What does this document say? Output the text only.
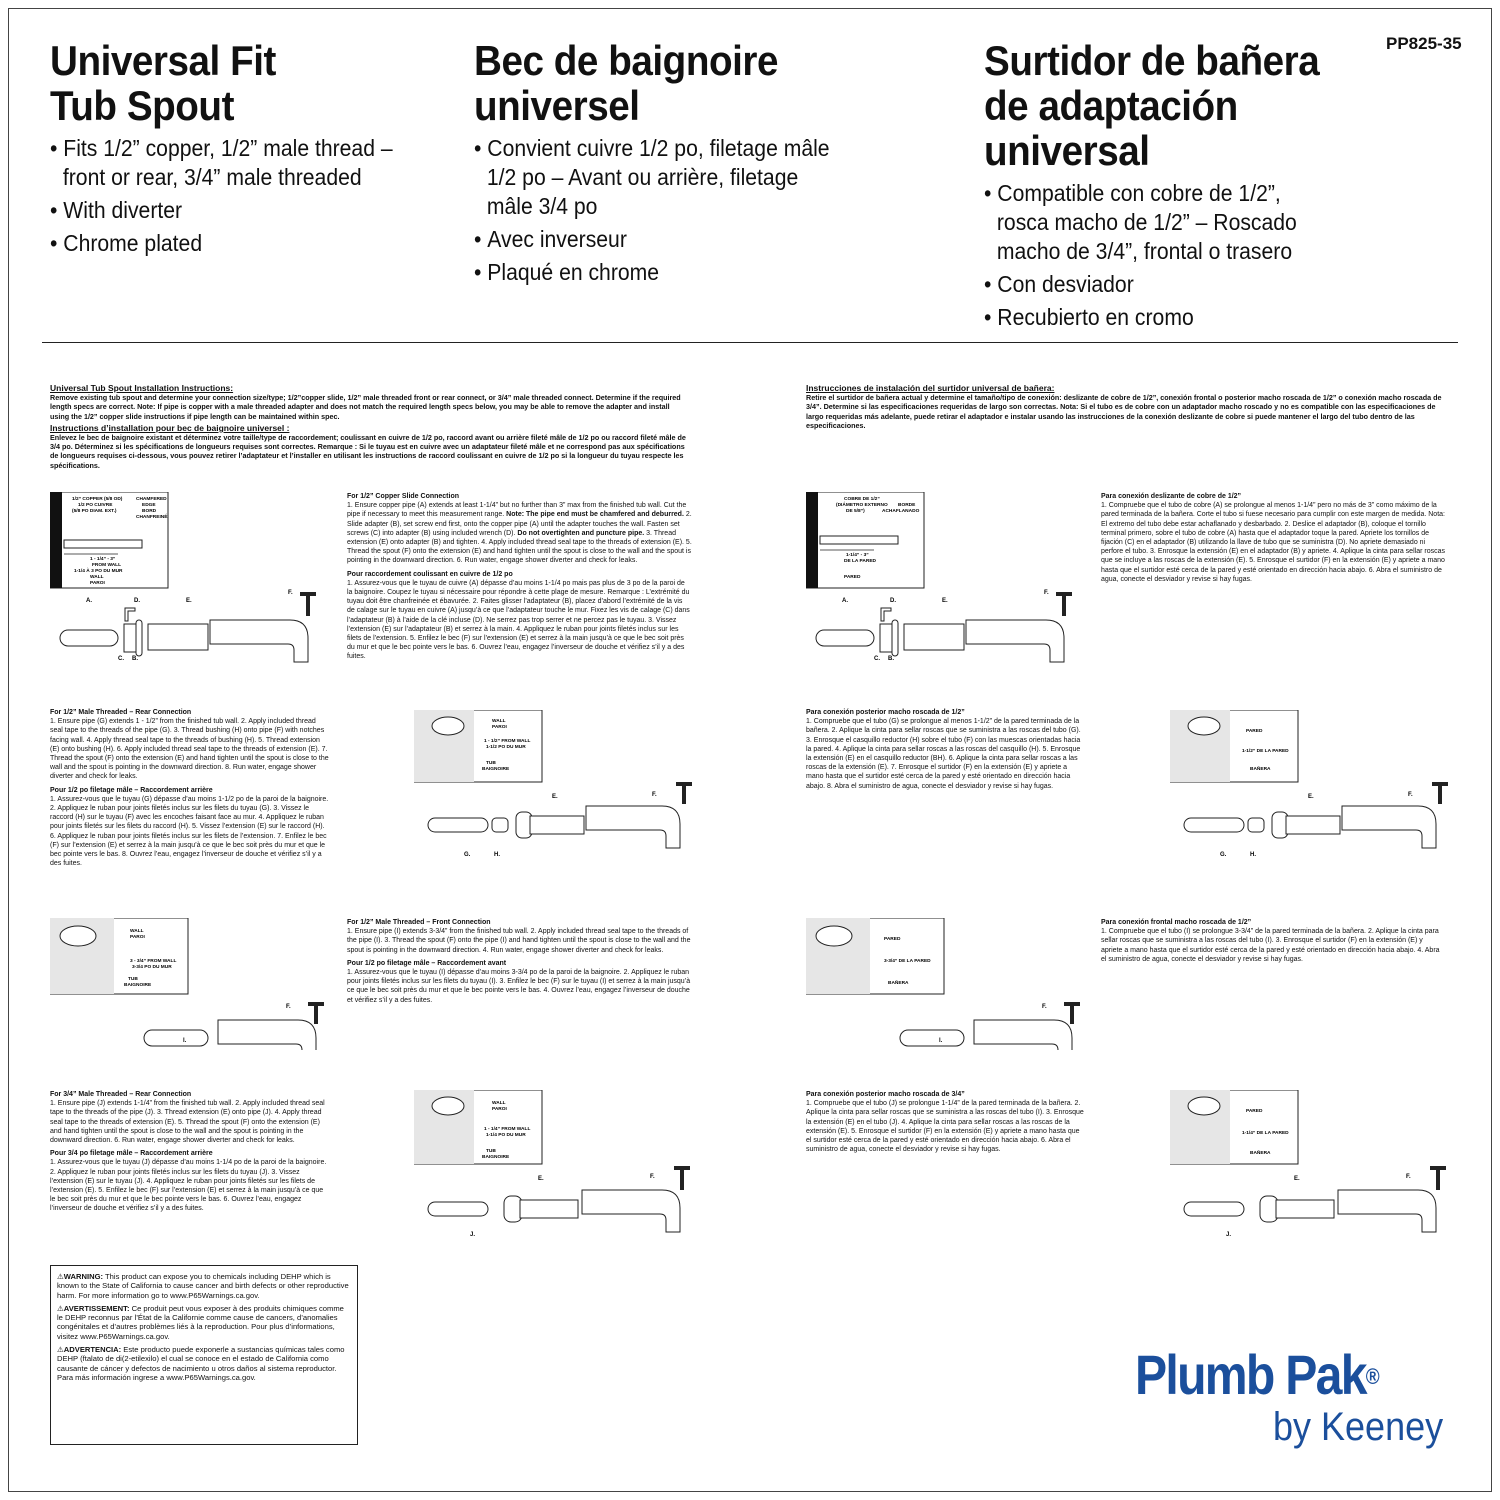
PP825-35
Universal Fit
Tub Spout
• Fits 1/2” copper, 1/2” male thread – front or rear, 3/4” male threaded
• With diverter
• Chrome plated
Bec de baignoire
universel
• Convient cuivre 1/2 po, filetage mâle 1/2 po – Avant ou arrière, filetage mâle 3/4 po
• Avec inverseur
• Plaqué en chrome
Surtidor de bañera
de adaptación
universal
• Compatible con cobre de 1/2”, rosca macho de 1/2” – Roscado macho de 3/4”, frontal o trasero
• Con desviador
• Recubierto en cromo
Universal Tub Spout Installation Instructions:
Remove existing tub spout and determine your connection size/type; 1/2”copper slide, 1/2” male threaded front or rear connect, or 3/4” male threaded connect. Determine if the required length specs are correct. Note: If pipe is copper with a male threaded adapter and does not match the required length specs below, you may be able to remove the adapter and install using the 1/2” copper slide instructions if pipe length can be maintained within spec.
Instructions d’installation pour bec de baignoire universel :
Enlevez le bec de baignoire existant et déterminez votre taille/type de raccordement; coulissant en cuivre de 1/2 po, raccord avant ou arrière fileté mâle de 1/2 po ou raccord fileté mâle de 3/4 po. Déterminez si les spécifications de longueurs requises sont correctes. Remarque : Si le tuyau est en cuivre avec un adaptateur fileté mâle et ne correspond pas aux spécifications de longueurs requises ci-dessous, vous pouvez retirer l’adaptateur et l’installer en utilisant les instructions de raccord coulissant en cuivre de 1/2 po si la longueur du tuyau respecte les spécifications.
Instrucciones de instalación del surtidor universal de bañera:
Retire el surtidor de bañera actual y determine el tamaño/tipo de conexión: deslizante de cobre de 1/2”, conexión frontal o posterior macho roscada de 1/2” o conexión macho roscada de 3/4”. Determine si las especificaciones requeridas de largo son correctas. Nota: Si el tubo es de cobre con un adaptador macho roscado y no es compatible con las especificaciones de largo requeridas más adelante, puede retirar el adaptador e instalar usando las instrucciones de la conexión deslizante de cobre si puede mantener el largo del tubo dentro de las especificaciones.
1/2” COPPER (5/8 OD)
1/2 PO CUIVRE
(5/8 PO DIAM. EXT.)
CHAMFERED
EDGE
BORD
CHANFREINÉ
1 - 1/4” - 3”
FROM WALL
1-1/4 À 3 PO DU MUR
WALL
PAROI
A.	D.	E.
F.
C. B.
For 1/2” Copper Slide Connection
1. Ensure copper pipe (A) extends at least 1-1/4” but no further than 3” max from the finished tub wall. Cut the pipe if necessary to meet this measurement range. Note: The pipe end must be chamfered and deburred. 2. Slide adapter (B), set screw end first, onto the copper pipe (A) until the adapter touches the wall. Fasten set screws (C) into adapter (B) using included wrench (D). Do not overtighten and puncture pipe. 3. Thread extension (E) onto adapter (B) and tighten. 4. Apply included thread seal tape to the threads of extension (E). 5. Thread the spout (F) onto the extension (E) and hand tighten until the spout is close to the wall and the spout is pointing in the downward direction. 6. Run water, engage shower diverter and check for leaks.
Pour raccordement coulissant en cuivre de 1/2 po
1. Assurez-vous que le tuyau de cuivre (A) dépasse d’au moins 1-1/4 po mais pas plus de 3 po de la paroi de la baignoire. Coupez le tuyau si nécessaire pour répondre à cette plage de mesure. Remarque : L’extrémité du tuyau doit être chanfreinée et ébavurée. 2. Faites glisser l’adaptateur (B), placez d’abord l’extrémité de la vis de calage sur le tuyau en cuivre (A) jusqu’à ce que l’adaptateur touche le mur. Fixez les vis de calage (C) dans l’adaptateur (B) à l’aide de la clé incluse (D). Ne serrez pas trop serrer et ne percez pas le tuyau. 3. Vissez l’extension (E) sur l’adaptateur (B) et serrez à la main. 4. Appliquez le ruban pour joints filetés inclus sur les filets de l’extension. 5. Enfilez le bec (F) sur l’extension (E) et serrez à la main jusqu’à ce que le bec soit près du mur et que le bec pointe vers le bas. 6. Ouvrez l’eau, engagez l’inverseur de douche et vérifiez s’il y a des fuites.
COBRE DE 1/2”
(DIÁMETRO EXTERNO
DE 5/8”)
BORDE
ACHAFLANADO
1-1/4” - 3”
DE LA PARED
PARED
A.	D.	E.
F.
C. B.
Para conexión deslizante de cobre de 1/2”
1. Compruebe que el tubo de cobre (A) se prolongue al menos 1-1/4” pero no más de 3” como máximo de la pared terminada de la bañera. Corte el tubo si fuese necesario para cumplir con este margen de medida. Nota: El extremo del tubo debe estar achaflanado y desbarbado. 2. Deslice el adaptador (B), coloque el tornillo terminal primero, sobre el tubo de cobre (A) hasta que el adaptador toque la pared. Apriete los tornillos de fijación (C) en el adaptador (B) utilizando la llave de tubo que se suministra (D). No apriete demasiado ni perfore el tubo. 3. Enrosque la extensión (E) en el adaptador (B) y apriete. 4. Aplique la cinta para sellar roscas que se incluye a las roscas de la extensión (E). 5. Enrosque el surtidor (F) en la extensión (E) y apriete a mano hasta que el surtidor esté cerca de la pared y esté orientado en dirección hacia abajo. 6. Abra el suministro de agua, conecte el desviador y revise si hay fugas.
For 1/2” Male Threaded – Rear Connection
1. Ensure pipe (G) extends 1 - 1/2” from the finished tub wall. 2. Apply included thread seal tape to the threads of the pipe (G). 3. Thread bushing (H) onto pipe (F) with notches facing wall. 4. Apply thread seal tape to the threads of bushing (H). 5. Thread extension (E) onto bushing (H). 6. Apply included thread seal tape to the threads of extension (E). 7. Thread the spout (F) onto the extension (E) and hand tighten until the spout is close to the wall and the spout is pointing in the downward direction. 8. Run water, engage shower diverter and check for leaks.
Pour 1/2 po filetage mâle – Raccordement arrière
1. Assurez-vous que le tuyau (G) dépasse d’au moins 1-1/2 po de la paroi de la baignoire. 2. Appliquez le ruban pour joints filetés inclus sur les filets du tuyau (G). 3. Vissez le raccord (H) sur le tuyau (F) avec les encoches faisant face au mur. 4. Appliquez le ruban pour joints filetés sur les filets du raccord (H). 5. Vissez l’extension (E) sur le raccord (H). 6. Appliquez le ruban pour joints filetés inclus sur les filets de l’extension. 7. Enfilez le bec (F) sur l’extension (E) et serrez à la main jusqu’à ce que le bec soit près du mur et que le bec pointe vers le bas. 8. Ouvrez l’eau, engagez l’inverseur de douche et vérifiez s’il y a des fuites.
WALL
PAROI
1 - 1/2” FROM WALL
1-1/2 PO DU MUR
TUB
BAIGNOIRE
E.	F.
G.	H.
Para conexión posterior macho roscada de 1/2”
1. Compruebe que el tubo (G) se prolongue al menos 1-1/2” de la pared terminada de la bañera. 2. Aplique la cinta para sellar roscas que se suministra a las roscas del tubo (G). 3. Enrosque el casquillo reductor (H) sobre el tubo (F) con las muescas orientadas hacia la pared. 4. Aplique la cinta para sellar roscas a las roscas del casquillo (H). 5. Enrosque la extensión (E) en el casquillo reductor (BH). 6. Aplique la cinta para sellar roscas a las roscas de la extensión (E). 7. Enrosque el surtidor (F) en la extensión (E) y apriete a mano hasta que el surtidor esté cerca de la pared y esté orientado en dirección hacia abajo. 8. Abra el suministro de agua, conecte el desviador y revise si hay fugas.
PARED
1-1/2” DE LA PARED
BAÑERA
E.	F.
G.	H.
WALL
PAROI
3 - 3/4” FROM WALL
3-3/4 PO DU MUR
TUB
BAIGNOIRE
F.
I.
For 1/2” Male Threaded – Front Connection
1. Ensure pipe (I) extends 3-3/4” from the finished tub wall. 2. Apply included thread seal tape to the threads of the pipe (I). 3. Thread the spout (F) onto the pipe (I) and hand tighten until the spout is close to the wall and the spout is pointing in the downward direction. 4. Run water, engage shower diverter and check for leaks.
Pour 1/2 po filetage mâle – Raccordement avant
1. Assurez-vous que le tuyau (I) dépasse d’au moins 3-3/4 po de la paroi de la baignoire. 2. Appliquez le ruban pour joints filetés inclus sur les filets du tuyau (I). 3. Enfilez le bec (F) sur le tuyau (I) et serrez à la main jusqu’à ce que le bec soit près du mur et que le bec pointe vers le bas. 4. Ouvrez l’eau, engagez l’inverseur de douche et vérifiez s’il y a des fuites.
PARED
3-3/4” DE LA PARED
BAÑERA
F.
I.
Para conexión frontal macho roscada de 1/2”
1. Compruebe que el tubo (I) se prolongue 3-3/4” de la pared terminada de la bañera. 2. Aplique la cinta para sellar roscas que se suministra a las roscas del tubo (I). 3. Enrosque el surtidor (F) en la extensión (E) y apriete a mano hasta que el surtidor esté cerca de la pared y esté orientado en dirección hacia abajo. 4. Abra el suministro de agua, conecte el desviador y revise si hay fugas.
For 3/4” Male Threaded – Rear Connection
1. Ensure pipe (J) extends 1-1/4” from the finished tub wall. 2. Apply included thread seal tape to the threads of the pipe (J). 3. Thread extension (E) onto pipe (J). 4. Apply thread seal tape to the threads of extension (E). 5. Thread the spout (F) onto the extension (E) and hand tighten until the spout is close to the wall and the spout is pointing in the downward direction. 6. Run water, engage shower diverter and check for leaks.
Pour 3/4 po filetage mâle – Raccordement arrière
1. Assurez-vous que le tuyau (J) dépasse d’au moins 1-1/4 po de la paroi de la baignoire. 2. Appliquez le ruban pour joints filetés inclus sur les filets du tuyau (J). 3. Vissez l’extension (E) sur le tuyau (J). 4. Appliquez le ruban pour joints filetés sur les filets de l’extension (E). 5. Enfilez le bec (F) sur l’extension (E) et serrez à la main jusqu’à ce que le bec soit près du mur et que le bec pointe vers le bas. 6. Ouvrez l’eau, engagez l’inverseur de douche et vérifiez s’il y a des fuites.
WALL
PAROI
1 - 1/4” FROM WALL
1-1/4 PO DU MUR
TUB
BAIGNOIRE
E.	F.
J.
Para conexión posterior macho roscada de 3/4”
1. Compruebe que el tubo (J) se prolongue 1-1/4” de la pared terminada de la bañera. 2. Aplique la cinta para sellar roscas que se suministra a las roscas del tubo (I). 3. Enrosque la extensión (E) en el tubo (J). 4. Aplique la cinta para sellar roscas a las roscas de la extensión (E). 5. Enrosque el surtidor (F) en la extensión (E) y apriete a mano hasta que el surtidor esté cerca de la pared y esté orientado en dirección hacia abajo. 6. Abra el suministro de agua, conecte el desviador y revise si hay fugas.
PARED
1-1/4” DE LA PARED
BAÑERA
E.	F.
J.
⚠WARNING: This product can expose you to chemicals including DEHP which is known to the State of California to cause cancer and birth defects or other reproductive harm. For more information go to www.P65Warnings.ca.gov.
⚠AVERTISSEMENT: Ce produit peut vous exposer à des produits chimiques comme le DEHP reconnus par l’État de la Californie comme cause de cancers, d’anomalies congénitales et d’autres problèmes liés à la reproduction. Pour plus d’informations, visitez www.P65Warnings.ca.gov.
⚠ADVERTENCIA: Este producto puede exponerle a sustancias químicas tales como DEHP (ftalato de di(2-etilexilo) el cual se conoce en el estado de California como causante de cáncer y defectos de nacimiento u otros daños al sistema reproductor. Para más información ingrese a www.P65Warnings.ca.gov.	Plumb Pak®
by Keeney
